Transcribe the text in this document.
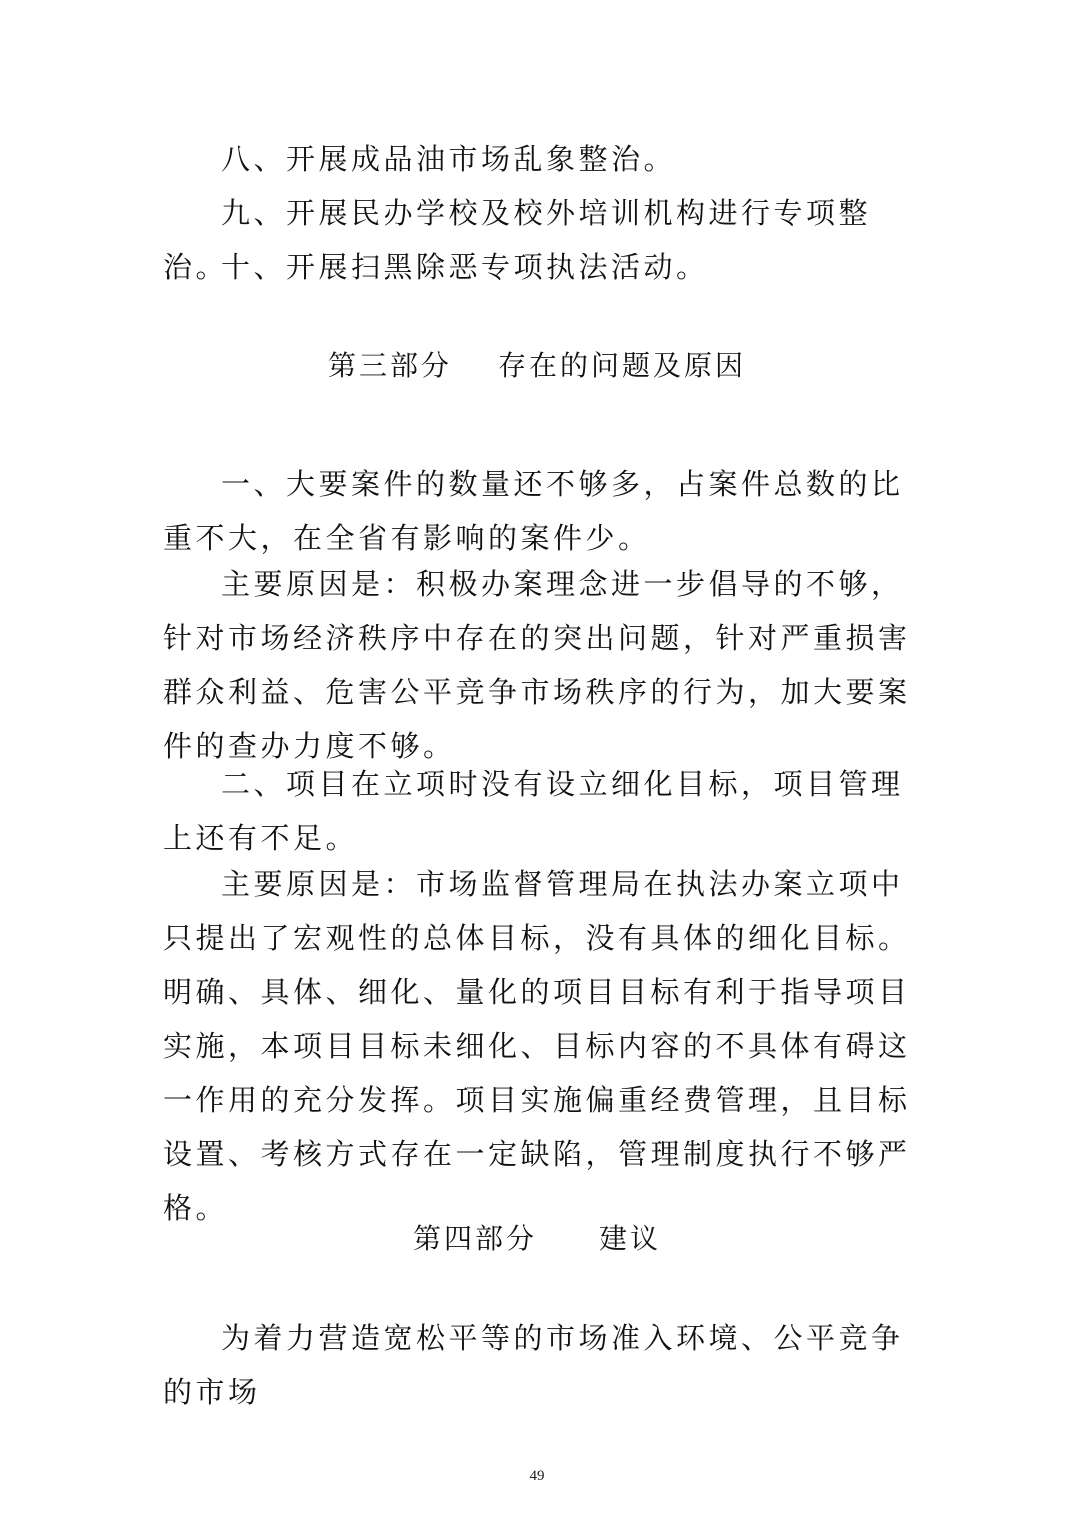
八、开展成品油市场乱象整治。

九、开展民办学校及校外培训机构进行专项整治。

十、开展扫黑除恶专项执法活动。

第三部分 存在的问题及原因

一、大要案件的数量还不够多，占案件总数的比重不大，在全省有影响的案件少。

主要原因是：积极办案理念进一步倡导的不够，针对市场经济秩序中存在的突出问题，针对严重损害群众利益、危害公平竞争市场秩序的行为，加大要案件的查办力度不够。

二、项目在立项时没有设立细化目标，项目管理上还有不足。

主要原因是：市场监督管理局在执法办案立项中只提出了宏观性的总体目标，没有具体的细化目标。明确、具体、细化、量化的项目目标有利于指导项目实施，本项目目标未细化、目标内容的不具体有碍这一作用的充分发挥。项目实施偏重经费管理，且目标设置、考核方式存在一定缺陷，管理制度执行不够严格。

第四部分 建议

为着力营造宽松平等的市场准入环境、公平竞争的市场

49
